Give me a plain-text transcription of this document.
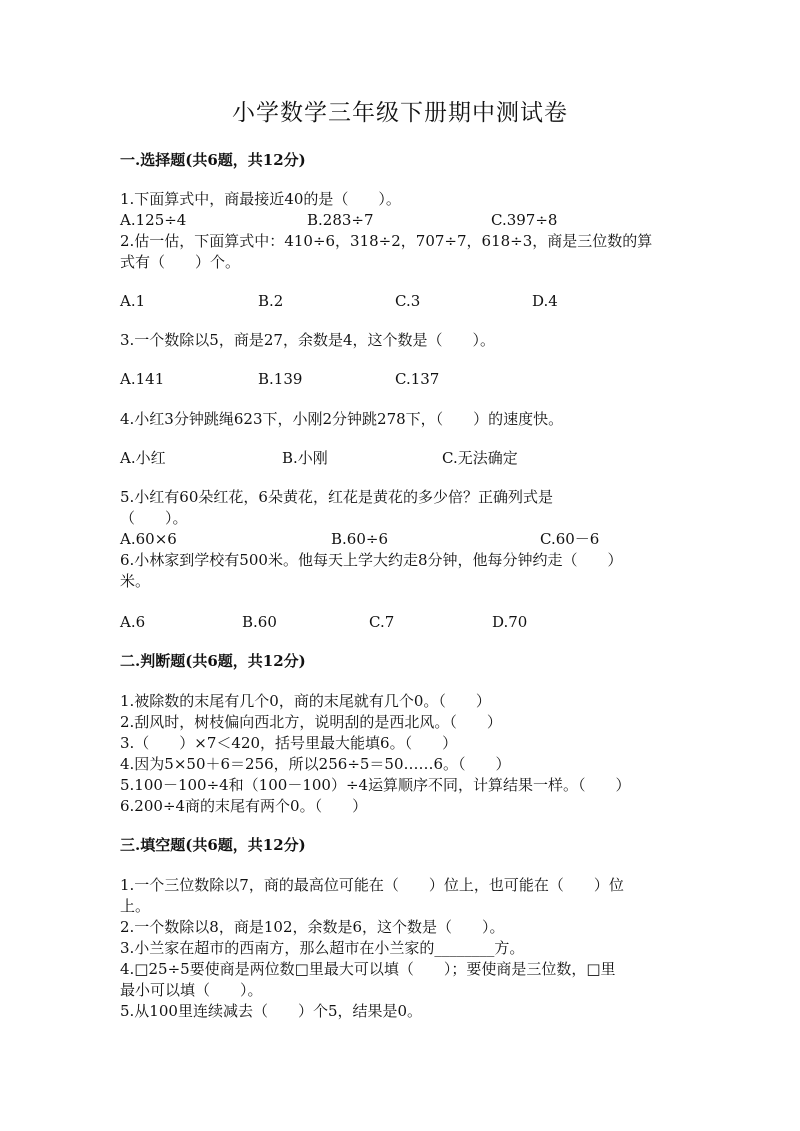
小学数学三年级下册期中测试卷
一.选择题(共6题，共12分)
1.下面算式中，商最接近40的是（　　）。
A.125÷4	B.283÷7	C.397÷8
2.估一估，下面算式中：410÷6，318÷2，707÷7，618÷3，商是三位数的算
式有（　　）个。
A.1	B.2	C.3	D.4
3.一个数除以5，商是27，余数是4，这个数是（　　）。
A.141	B.139	C.137
4.小红3分钟跳绳623下，小刚2分钟跳278下，（　　）的速度快。
A.小红	B.小刚	C.无法确定
5.小红有60朵红花，6朵黄花，红花是黄花的多少倍？正确列式是
（　　）。
A.60×6	B.60÷6	C.60－6
6.小林家到学校有500米。他每天上学大约走8分钟，他每分钟约走（　　）
米。
A.6	B.60	C.7	D.70
二.判断题(共6题，共12分)
1.被除数的末尾有几个0，商的末尾就有几个0。（　　）
2.刮风时，树枝偏向西北方，说明刮的是西北风。（　　）
3.（　　）×7＜420，括号里最大能填6。（　　）
4.因为5×50＋6＝256，所以256÷5＝50……6。（　　）
5.100－100÷4和（100－100）÷4运算顺序不同，计算结果一样。（　　）
6.200÷4商的末尾有两个0。（　　）
三.填空题(共6题，共12分)
1.一个三位数除以7，商的最高位可能在（　　）位上，也可能在（　　）位
上。
2.一个数除以8，商是102，余数是6，这个数是（　　）。
3.小兰家在超市的西南方，那么超市在小兰家的________方。
4.□25÷5要使商是两位数□里最大可以填（　　）；要使商是三位数，□里
最小可以填（　　）。
5.从100里连续减去（　　）个5，结果是0。
